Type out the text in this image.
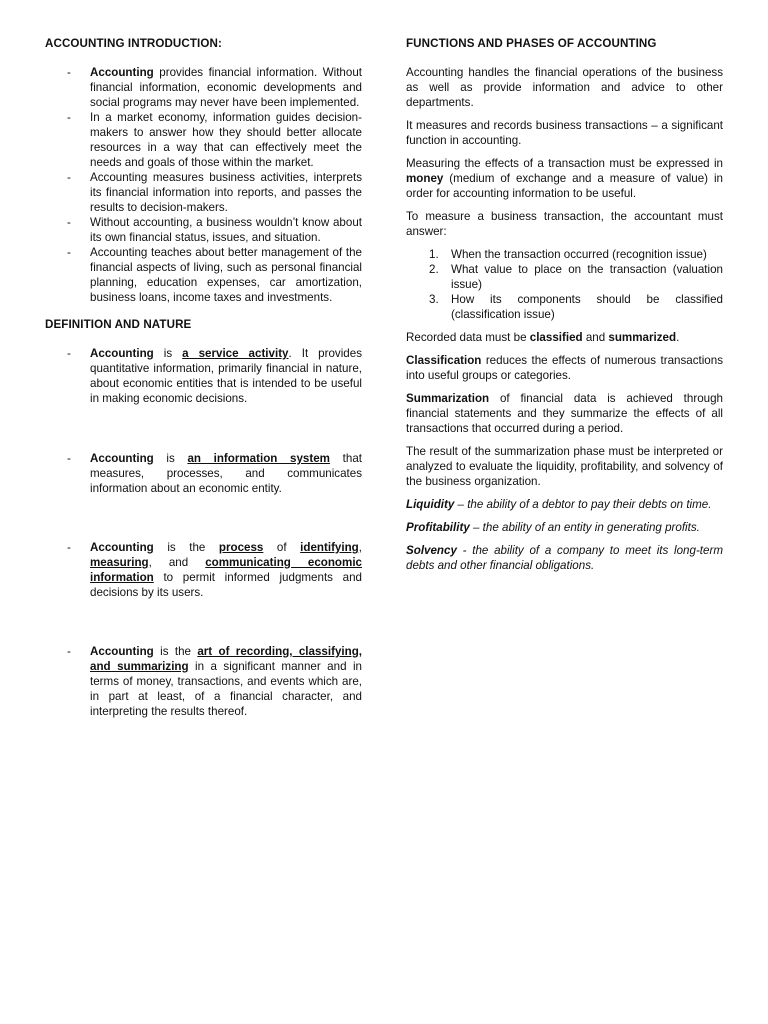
ACCOUNTING INTRODUCTION:
- Accounting provides financial information. Without financial information, economic developments and social programs may never have been implemented.
- In a market economy, information guides decision-makers to answer how they should better allocate resources in a way that can effectively meet the needs and goals of those within the market.
- Accounting measures business activities, interprets its financial information into reports, and passes the results to decision-makers.
- Without accounting, a business wouldn’t know about its own financial status, issues, and situation.
- Accounting teaches about better management of the financial aspects of living, such as personal financial planning, education expenses, car amortization, business loans, income taxes and investments.
DEFINITION AND NATURE
- Accounting is a service activity. It provides quantitative information, primarily financial in nature, about economic entities that is intended to be useful in making economic decisions.
- Accounting is an information system that measures, processes, and communicates information about an economic entity.
- Accounting is the process of identifying, measuring, and communicating economic information to permit informed judgments and decisions by its users.
- Accounting is the art of recording, classifying, and summarizing in a significant manner and in terms of money, transactions, and events which are, in part at least, of a financial character, and interpreting the results thereof.
FUNCTIONS AND PHASES OF ACCOUNTING

Accounting handles the financial operations of the business as well as provide information and advice to other departments.

It measures and records business transactions – a significant function in accounting.

Measuring the effects of a transaction must be expressed in money (medium of exchange and a measure of value) in order for accounting information to be useful.

To measure a business transaction, the accountant must answer:

1. When the transaction occurred (recognition issue)
2. What value to place on the transaction (valuation issue)
3. How its components should be classified (classification issue)

Recorded data must be classified and summarized.

Classification reduces the effects of numerous transactions into useful groups or categories.

Summarization of financial data is achieved through financial statements and they summarize the effects of all transactions that occurred during a period.

The result of the summarization phase must be interpreted or analyzed to evaluate the liquidity, profitability, and solvency of the business organization.

Liquidity – the ability of a debtor to pay their debts on time.

Profitability – the ability of an entity in generating profits.

Solvency - the ability of a company to meet its long-term debts and other financial obligations.
